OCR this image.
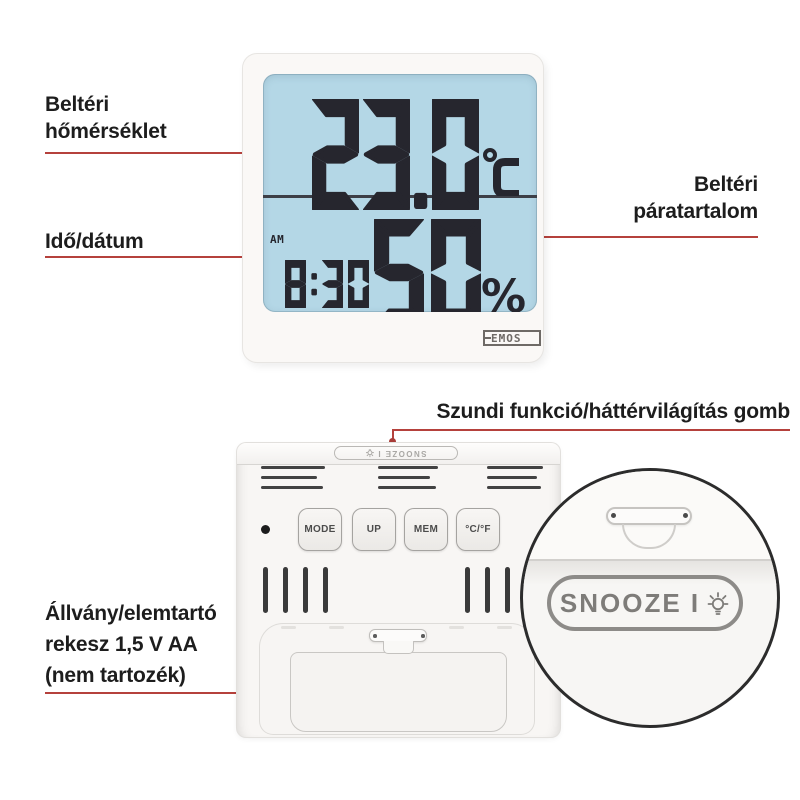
Beltéri
hőmérséklet
Idő/dátum
Beltéri
páratartalom
AM
%
EMOS
Szundi funkció/háttérvilágítás gomb
Állvány/elemtartó
rekesz 1,5 V AA
(nem tartozék)
SNOOZE I
MODE	UP	MEM	°C/°F
SNOOZE I
